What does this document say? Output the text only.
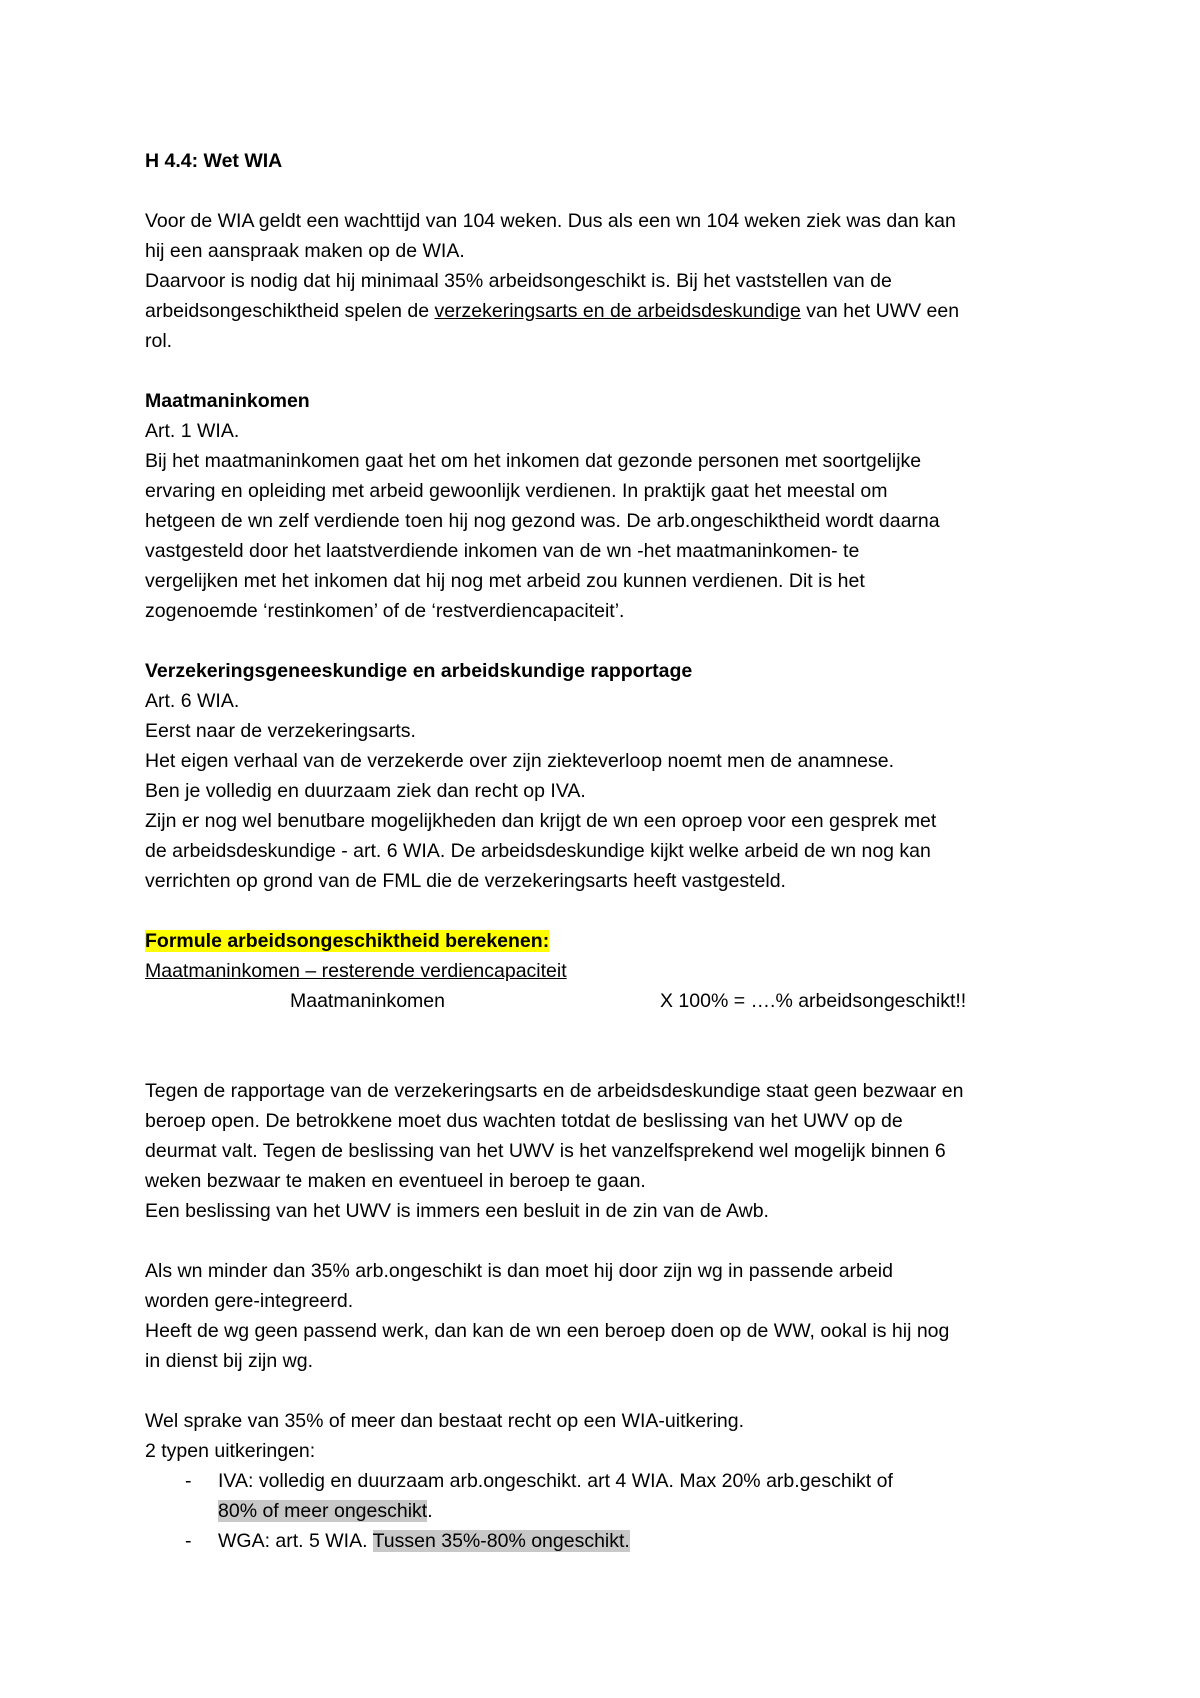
H 4.4: Wet WIA

Voor de WIA geldt een wachttijd van 104 weken. Dus als een wn 104 weken ziek was dan kan

hij een aanspraak maken op de WIA.

Daarvoor is nodig dat hij minimaal 35% arbeidsongeschikt is. Bij het vaststellen van de

arbeidsongeschiktheid spelen de verzekeringsarts en de arbeidsdeskundige van het UWV een

rol.

Maatmaninkomen

Art. 1 WIA.

Bij het maatmaninkomen gaat het om het inkomen dat gezonde personen met soortgelijke

ervaring en opleiding met arbeid gewoonlijk verdienen. In praktijk gaat het meestal om

hetgeen de wn zelf verdiende toen hij nog gezond was. De arb.ongeschiktheid wordt daarna

vastgesteld door het laatstverdiende inkomen van de wn -het maatmaninkomen- te

vergelijken met het inkomen dat hij nog met arbeid zou kunnen verdienen. Dit is het

zogenoemde ‘restinkomen’ of de ‘restverdiencapaciteit’.

Verzekeringsgeneeskundige en arbeidskundige rapportage

Art. 6 WIA.

Eerst naar de verzekeringsarts.

Het eigen verhaal van de verzekerde over zijn ziekteverloop noemt men de anamnese.

Ben je volledig en duurzaam ziek dan recht op IVA.

Zijn er nog wel benutbare mogelijkheden dan krijgt de wn een oproep voor een gesprek met

de arbeidsdeskundige - art. 6 WIA. De arbeidsdeskundige kijkt welke arbeid de wn nog kan

verrichten op grond van de FML die de verzekeringsarts heeft vastgesteld.

Formule arbeidsongeschiktheid berekenen:

Maatmaninkomen – resterende verdiencapaciteit

Maatmaninkomen	X 100% = ….% arbeidsongeschikt!!

Tegen de rapportage van de verzekeringsarts en de arbeidsdeskundige staat geen bezwaar en

beroep open. De betrokkene moet dus wachten totdat de beslissing van het UWV op de

deurmat valt. Tegen de beslissing van het UWV is het vanzelfsprekend wel mogelijk binnen 6

weken bezwaar te maken en eventueel in beroep te gaan.

Een beslissing van het UWV is immers een besluit in de zin van de Awb.

Als wn minder dan 35% arb.ongeschikt is dan moet hij door zijn wg in passende arbeid

worden gere-integreerd.

Heeft de wg geen passend werk, dan kan de wn een beroep doen op de WW, ookal is hij nog

in dienst bij zijn wg.

Wel sprake van 35% of meer dan bestaat recht op een WIA-uitkering.

2 typen uitkeringen:

- IVA: volledig en duurzaam arb.ongeschikt. art 4 WIA. Max 20% arb.geschikt of
80% of meer ongeschikt.
- WGA: art. 5 WIA. Tussen 35%-80% ongeschikt.
